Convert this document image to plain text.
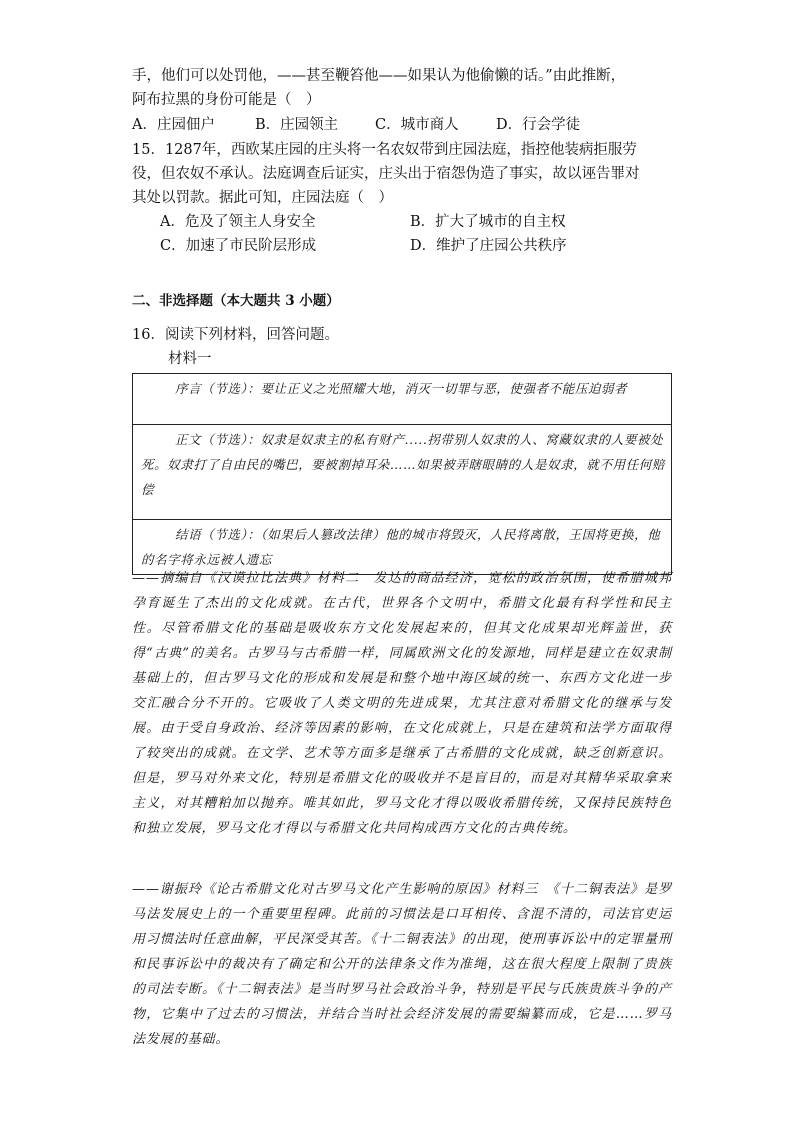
手，他们可以处罚他，——甚至鞭笞他——如果认为他偷懒的话。”由此推断，
阿布拉黑的身份可能是（　）
A．庄园佃户	B．庄园领主	C．城市商人	D．行会学徒
15．1287年，西欧某庄园的庄头将一名农奴带到庄园法庭，指控他装病拒服劳
役，但农奴不承认。法庭调查后证实，庄头出于宿怨伪造了事实，故以诬告罪对
其处以罚款。据此可知，庄园法庭（　）
A．危及了领主人身安全	B．扩大了城市的自主权
C．加速了市民阶层形成	D．维护了庄园公共秩序
二、非选择题（本大题共 3 小题）
16．阅读下列材料，回答问题。
材料一

序言（节选）：要让正义之光照耀大地，消灭一切罪与恶，使强者不能压迫弱者

正文（节选）：奴隶是奴隶主的私有财产.....拐带别人奴隶的人、窝藏奴隶的人要被处死。奴隶打了自由民的嘴巴，要被割掉耳朵……如果被弄瞎眼睛的人是奴隶，就不用任何赔偿

结语（节选）：（如果后人篡改法律）他的城市将毁灭，人民将离散，王国将更换，他的名字将永远被人遗忘

——摘编自《汉谟拉比法典》材料二　发达的商品经济，宽松的政治氛围，使希腊城邦孕育诞生了杰出的文化成就。在古代，世界各个文明中，希腊文化最有科学性和民主性。尽管希腊文化的基础是吸收东方文化发展起来的，但其文化成果却光辉盖世，获得“古典”的美名。古罗马与古希腊一样，同属欧洲文化的发源地，同样是建立在奴隶制基础上的，但古罗马文化的形成和发展是和整个地中海区域的统一、东西方文化进一步交汇融合分不开的。它吸收了人类文明的先进成果，尤其注意对希腊文化的继承与发展。由于受自身政治、经济等因素的影响，在文化成就上，只是在建筑和法学方面取得了较突出的成就。在文学、艺术等方面多是继承了古希腊的文化成就，缺乏创新意识。但是，罗马对外来文化，特别是希腊文化的吸收并不是盲目的，而是对其精华采取拿来主义，对其糟粕加以抛弃。唯其如此，罗马文化才得以吸收希腊传统，又保持民族特色和独立发展，罗马文化才得以与希腊文化共同构成西方文化的古典传统。

——谢振玲《论古希腊文化对古罗马文化产生影响的原因》材料三　《十二铜表法》是罗马法发展史上的一个重要里程碑。此前的习惯法是口耳相传、含混不清的，司法官吏运用习惯法时任意曲解，平民深受其苦。《十二铜表法》的出现，使刑事诉讼中的定罪量刑和民事诉讼中的裁决有了确定和公开的法律条文作为准绳，这在很大程度上限制了贵族的司法专断。《十二铜表法》是当时罗马社会政治斗争，特别是平民与氏族贵族斗争的产物，它集中了过去的习惯法，并结合当时社会经济发展的需要编纂而成，它是……罗马法发展的基础。
